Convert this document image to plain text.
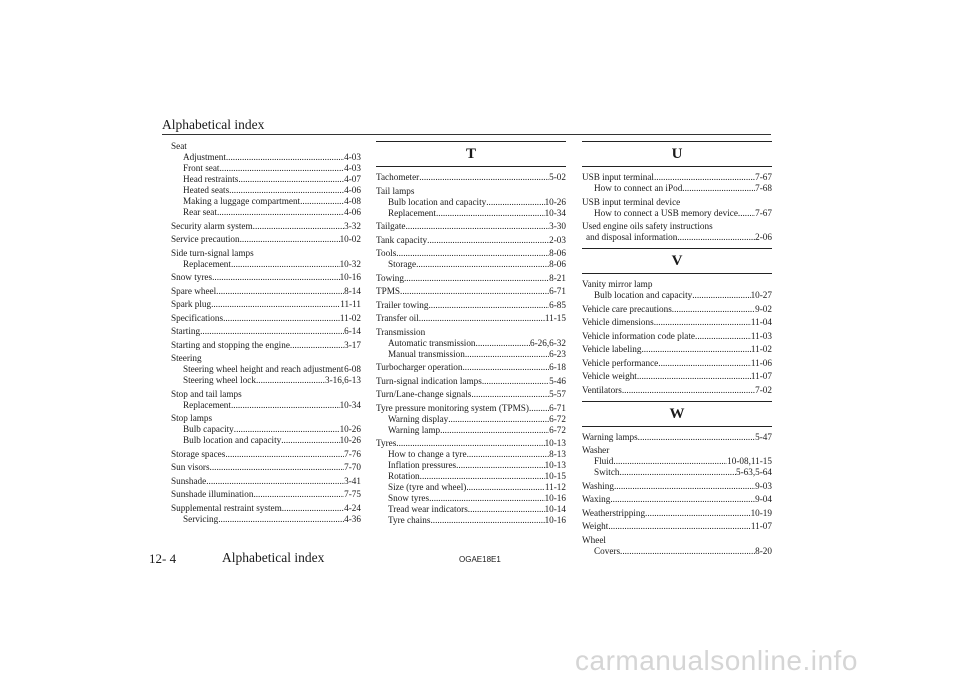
Alphabetical index
Seat
Adjustment .....	4-03
Front seat .....	4-03
Head restraints .....	4-07
Heated seats .....	4-06
Making a luggage compartment .....	4-08
Rear seat .....	4-06
Security alarm system .....	3-32
Service precaution .....	10-02
Side turn-signal lamps
Replacement .....	10-32
Snow tyres .....	10-16
Spare wheel .....	8-14
Spark plug .....	11-11
Specifications .....	11-02
Starting .....	6-14
Starting and stopping the engine .....	3-17
Steering
Steering wheel height and reach adjustment ..... 6-08
Steering wheel lock .....	3-16,6-13
Stop and tail lamps
Replacement .....	10-34
Stop lamps
Bulb capacity .....	10-26
Bulb location and capacity .....	10-26
Storage spaces .....	7-76
Sun visors .....	7-70
Sunshade .....	3-41
Sunshade illumination .....	7-75
Supplemental restraint system .....	4-24
Servicing .....	4-36
T
Tachometer .....	5-02
Tail lamps
Bulb location and capacity .....	10-26
Replacement .....	10-34
Tailgate .....	3-30
Tank capacity .....	2-03
Tools .....	8-06
Storage .....	8-06
Towing .....	8-21
TPMS .....	6-71
Trailer towing .....	6-85
Transfer oil .....	11-15
Transmission
Automatic transmission .....	6-26,6-32
Manual transmission .....	6-23
Turbocharger operation .....	6-18
Turn-signal indication lamps .....	5-46
Turn/Lane-change signals .....	5-57
Tyre pressure monitoring system (TPMS) ..... 6-71
Warning display .....	6-72
Warning lamp .....	6-72
Tyres .....	10-13
How to change a tyre .....	8-13
Inflation pressures .....	10-13
Rotation .....	10-15
Size (tyre and wheel) .....	11-12
Snow tyres .....	10-16
Tread wear indicators .....	10-14
Tyre chains .....	10-16
U
USB input terminal .....	7-67
How to connect an iPod .....	7-68
USB input terminal device
How to connect a USB memory device ..... 7-67
Used engine oils safety instructions
and disposal information .....	2-06
V
Vanity mirror lamp
Bulb location and capacity .....	10-27
Vehicle care precautions .....	9-02
Vehicle dimensions .....	11-04
Vehicle information code plate .....	11-03
Vehicle labeling .....	11-02
Vehicle performance .....	11-06
Vehicle weight .....	11-07
Ventilators .....	7-02
W
Warning lamps .....	5-47
Washer
Fluid .....	10-08,11-15
Switch .....	5-63,5-64
Washing .....	9-03
Waxing .....	9-04
Weatherstripping .....	10-19
Weight .....	11-07
Wheel
Covers .....	8-20
12- 4	Alphabetical index	OGAE18E1
carmanualsonline.info
